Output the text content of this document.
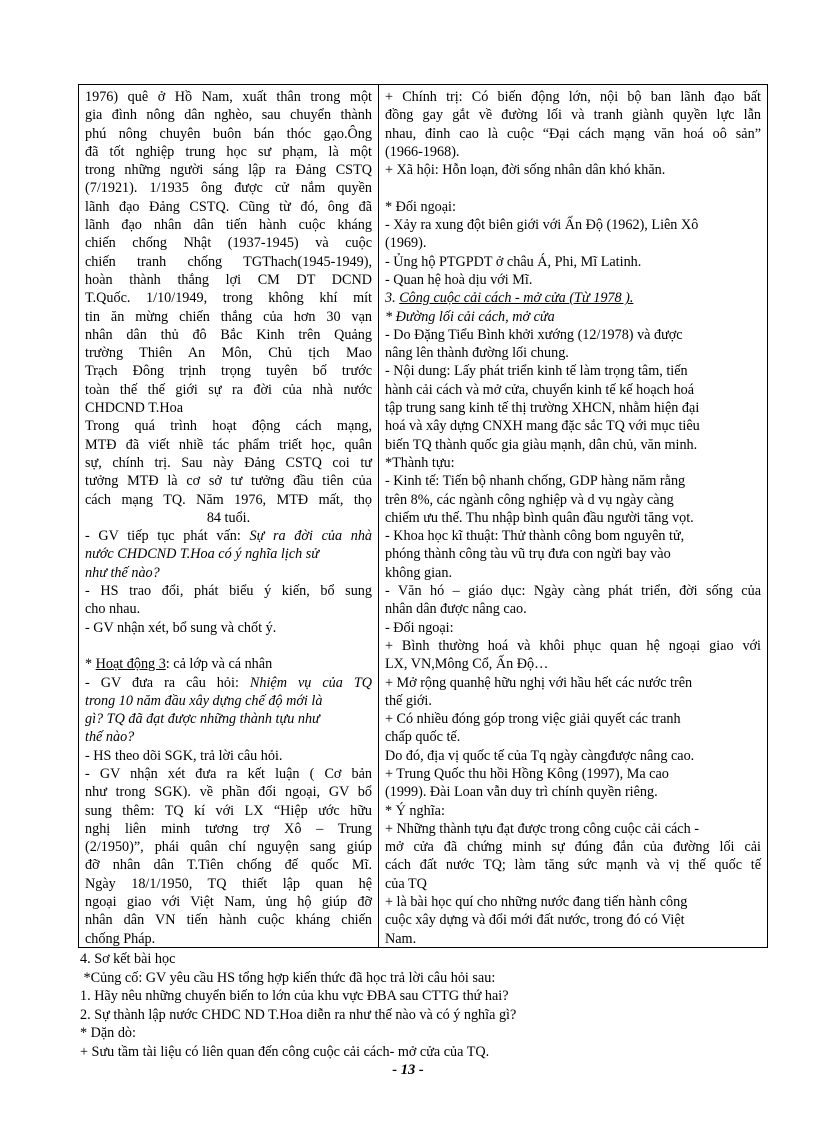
1976) quê ở Hồ Nam, xuất thân trong một
gia đình nông dân nghèo, sau chuyển thành
phú nông chuyên buôn bán thóc gạo.Ông
đã tốt nghiệp trung học sư phạm, là một
trong những người sáng lập ra Đảng CSTQ
(7/1921). 1/1935 ông được cử nắm quyền
lãnh đạo Đảng CSTQ. Cũng từ đó, ông đã
lãnh đạo nhân dân tiến hành cuộc kháng
chiến chống Nhật (1937-1945) và cuộc
chiến tranh chống TGThach(1945-1949),
hoàn thành thắng lợi CM DT DCND
T.Quốc. 1/10/1949, trong không khí mít
tin ăn mừng chiến thắng của hơn 30 vạn
nhân dân thủ đô Bắc Kinh trên Quảng
trường Thiên An Môn, Chủ tịch Mao
Trạch Đông trịnh trọng tuyên bố trước
toàn thế thế giới sự ra đời của nhà nước
CHDCND T.Hoa
Trong quá trình hoạt động cách mạng,
MTĐ đã viết nhiề tác phẩm triết học, quân
sự, chính trị. Sau này Đảng CSTQ coi tư
tưởng MTĐ là cơ sở tư tưởng đầu tiên của
cách mạng TQ. Năm 1976, MTĐ mất, thọ
84 tuổi.
- GV tiếp tục phát vấn: Sự ra đời của nhà
nước CHDCND T.Hoa có ý nghĩa lịch sử
như thế nào?
- HS trao đổi, phát biểu ý kiến, bổ sung
cho nhau.
- GV nhận xét, bổ sung và chốt ý.
* Hoạt động 3: cả lớp và cá nhân
- GV đưa ra câu hỏi: Nhiệm vụ của TQ
trong 10 năm đầu xây dựng chế độ mới là
gì? TQ đã đạt được những thành tựu như
thế nào?
- HS theo dõi SGK, trả lời câu hỏi.
- GV nhận xét đưa ra kết luận ( Cơ bản
như trong SGK). về phần đối ngoại, GV bổ
sung thêm: TQ kí với LX “Hiệp ước hữu
nghị liên minh tương trợ Xô – Trung
(2/1950)”, phái quân chí nguyện sang giúp
đỡ nhân dân T.Tiên chống đế quốc Mĩ.
Ngày 18/1/1950, TQ thiết lập quan hệ
ngoại giao với Việt Nam, ủng hộ giúp đỡ
nhân dân VN tiến hành cuộc kháng chiến
chống Pháp.
+ Chính trị: Có biến động lớn, nội bộ ban lãnh đạo bất
đồng gay gắt về đường lối và tranh giành quyền lực lẫn
nhau, đỉnh cao là cuộc “Đại cách mạng văn hoá oô sản”
(1966-1968).
+ Xã hội: Hỗn loạn, đời sống nhân dân khó khăn.
* Đối ngoại:
- Xảy ra xung đột biên giới với Ấn Độ (1962), Liên Xô
(1969).
- Ủng hộ PTGPDT ở châu Á, Phi, Mĩ Latinh.
- Quan hệ hoà dịu với Mĩ.
3. Công cuộc cải cách - mở cửa (Từ 1978 ).
* Đường lối cải cách, mở cửa
- Do Đặng Tiểu Bình khởi xướng (12/1978) và được
nâng lên thành đường lối chung.
- Nội dung: Lấy phát triển kinh tế làm trọng tâm, tiến
hành cải cách và mở cửa, chuyển kinh tế kế hoạch hoá
tập trung sang kinh tế thị trường XHCN, nhằm hiện đại
hoá và xây dựng CNXH mang đặc sắc TQ với mục tiêu
biến TQ thành quốc gia giàu mạnh, dân chủ, văn minh.
*Thành tựu:
- Kinh tế: Tiến bộ nhanh chống, GDP hàng năm rằng
trên 8%, các ngành công nghiệp và d vụ ngày càng
chiếm ưu thế. Thu nhập bình quân đầu người tăng vọt.
- Khoa học kĩ thuật: Thử thành công bom nguyên tử,
phóng thành công tàu vũ trụ đưa con ngừi bay vào
không gian.
- Văn hó – giáo dục: Ngày càng phát triển, đời sống của
nhân dân được nâng cao.
- Đối ngoại:
+ Bình thường hoá và khôi phục quan hệ ngoại giao với
LX, VN,Mông Cổ, Ấn Độ…
+ Mở rộng quanhệ hữu nghị với hầu hết các nước trên
thế giới.
+ Có nhiều đóng góp trong việc giải quyết các tranh
chấp quốc tế.
Do đó, địa vị quốc tế của Tq ngày càngđược nâng cao.
+ Trung Quốc thu hồi Hồng Kông (1997), Ma cao
(1999). Đài Loan vẫn duy trì chính quyền riêng.
* Ý nghĩa:
+ Những thành tựu đạt được trong công cuộc cải cách -
mở cửa đã chứng minh sự đúng đắn của đường lối cải
cách đất nước TQ; làm tăng sức mạnh và vị thế quốc tế
của TQ
+ là bài học quí cho những nước đang tiến hành công
cuộc xây dựng và đổi mới đất nước, trong đó có Việt
Nam.
4. Sơ kết bài học
*Củng cố: GV yêu cầu HS tổng hợp kiến thức đã học trả lời câu hỏi sau:
1. Hãy nêu những chuyển biến to lớn của khu vực ĐBA sau CTTG thứ hai?
2. Sự thành lập nước CHDC ND T.Hoa diễn ra như thế nào và có ý nghĩa gì?
* Dặn dò:
+ Sưu tầm tài liệu có liên quan đến công cuộc cải cách- mở cửa của TQ.
- 13 -
